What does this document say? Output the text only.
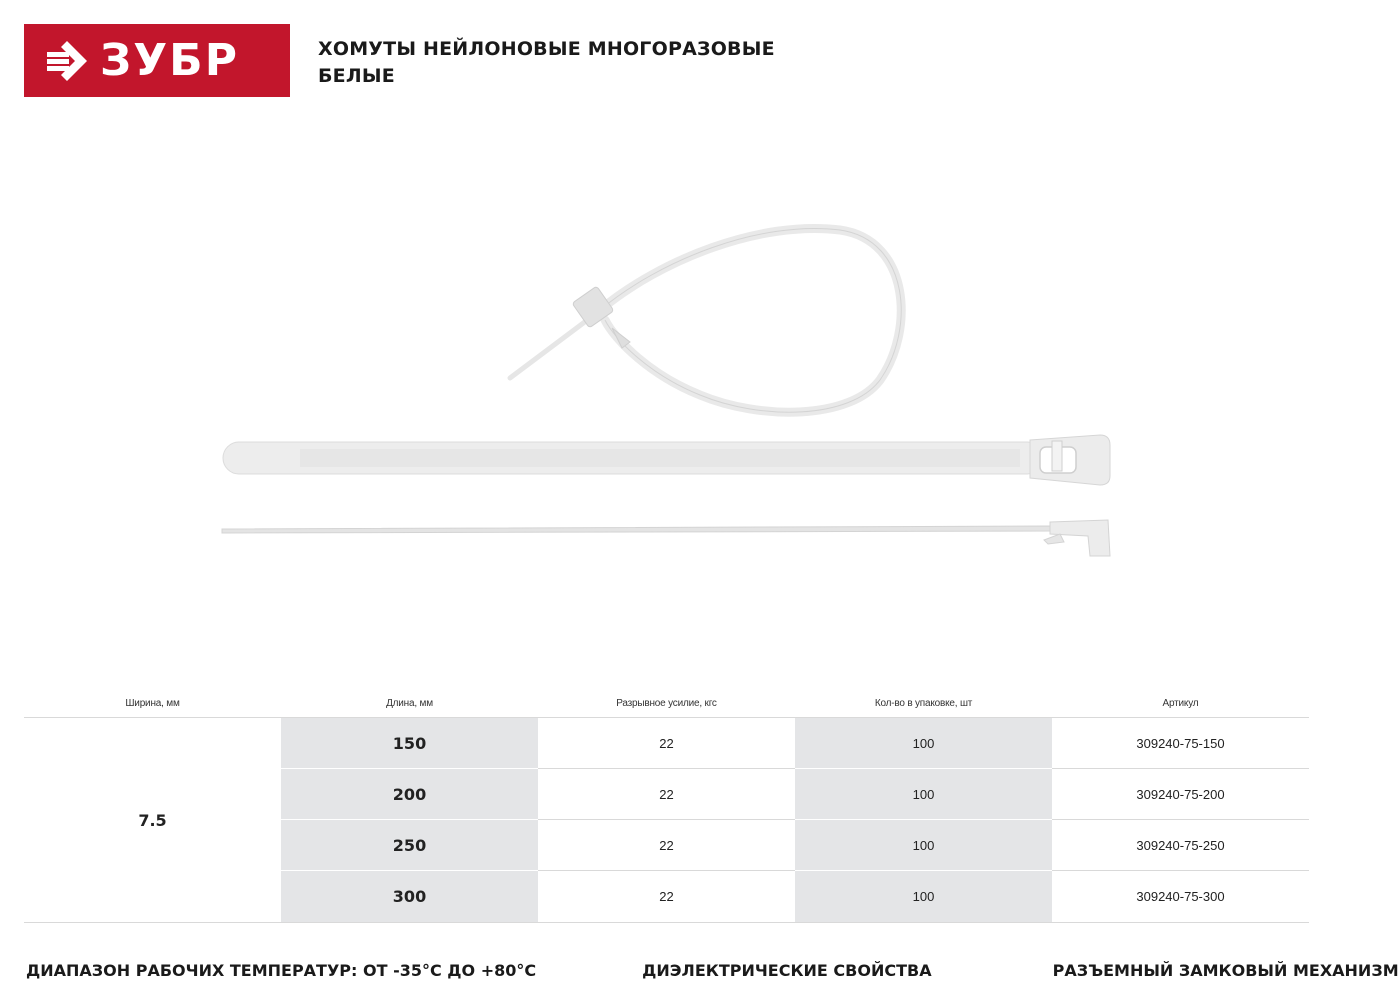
ЗУБР	ХОМУТЫ НЕЙЛОНОВЫЕ МНОГОРАЗОВЫЕ
БЕЛЫЕ
Ширина, мм	Длина, мм	Разрывное усилие, кгс	Кол-во в упаковке, шт	Артикул
7.5
150	22	100	309240-75-150
200	22	100	309240-75-200
250	22	100	309240-75-250
300	22	100	309240-75-300
ДИАПАЗОН РАБОЧИХ ТЕМПЕРАТУР: ОТ -35°С ДО +80°С	ДИЭЛЕКТРИЧЕСКИЕ СВОЙСТВА	РАЗЪЕМНЫЙ ЗАМКОВЫЙ МЕХАНИЗМ
